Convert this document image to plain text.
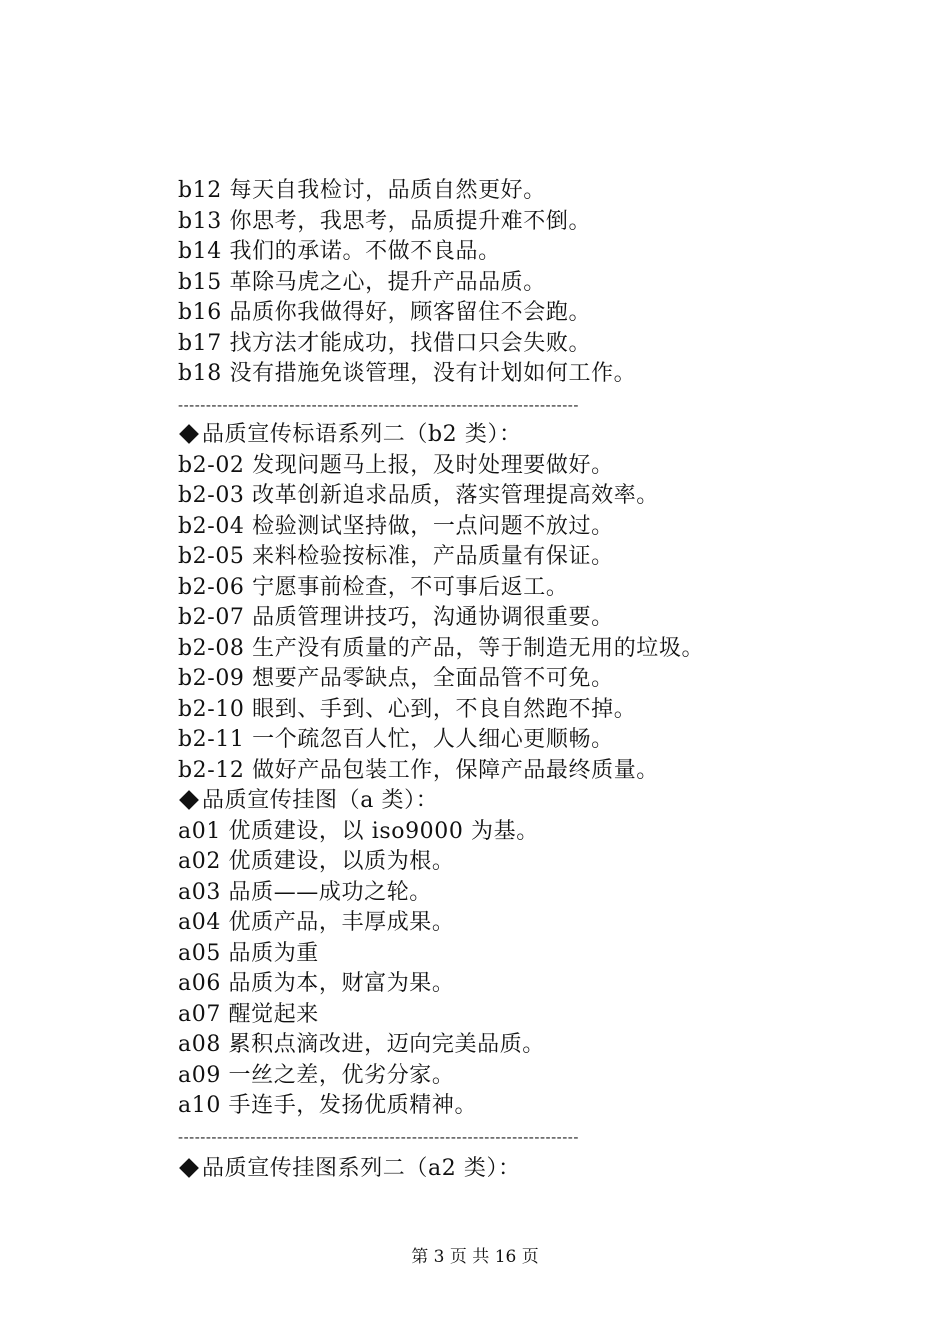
b12 每天自我检讨，品质自然更好。
b13 你思考，我思考，品质提升难不倒。
b14 我们的承诺。不做不良品。
b15 革除马虎之心，提升产品品质。
b16 品质你我做得好，顾客留住不会跑。
b17 找方法才能成功，找借口只会失败。
b18 没有措施免谈管理，没有计划如何工作。
------------------------------------------------------------------------
品质宣传标语系列二（b2 类）：
b2-02 发现问题马上报，及时处理要做好。
b2-03 改革创新追求品质，落实管理提高效率。
b2-04 检验测试坚持做，一点问题不放过。
b2-05 来料检验按标准，产品质量有保证。
b2-06 宁愿事前检查，不可事后返工。
b2-07 品质管理讲技巧，沟通协调很重要。
b2-08 生产没有质量的产品，等于制造无用的垃圾。
b2-09 想要产品零缺点，全面品管不可免。
b2-10 眼到、手到、心到，不良自然跑不掉。
b2-11 一个疏忽百人忙，人人细心更顺畅。
b2-12 做好产品包装工作，保障产品最终质量。
品质宣传挂图（a 类）：
a01 优质建设，以 iso9000 为基。
a02 优质建设，以质为根。
a03 品质——成功之轮。
a04 优质产品，丰厚成果。
a05 品质为重
a06 品质为本，财富为果。
a07 醒觉起来
a08 累积点滴改进，迈向完美品质。
a09 一丝之差，优劣分家。
a10 手连手，发扬优质精神。
------------------------------------------------------------------------
品质宣传挂图系列二（a2 类）：
第 3 页 共 16 页
